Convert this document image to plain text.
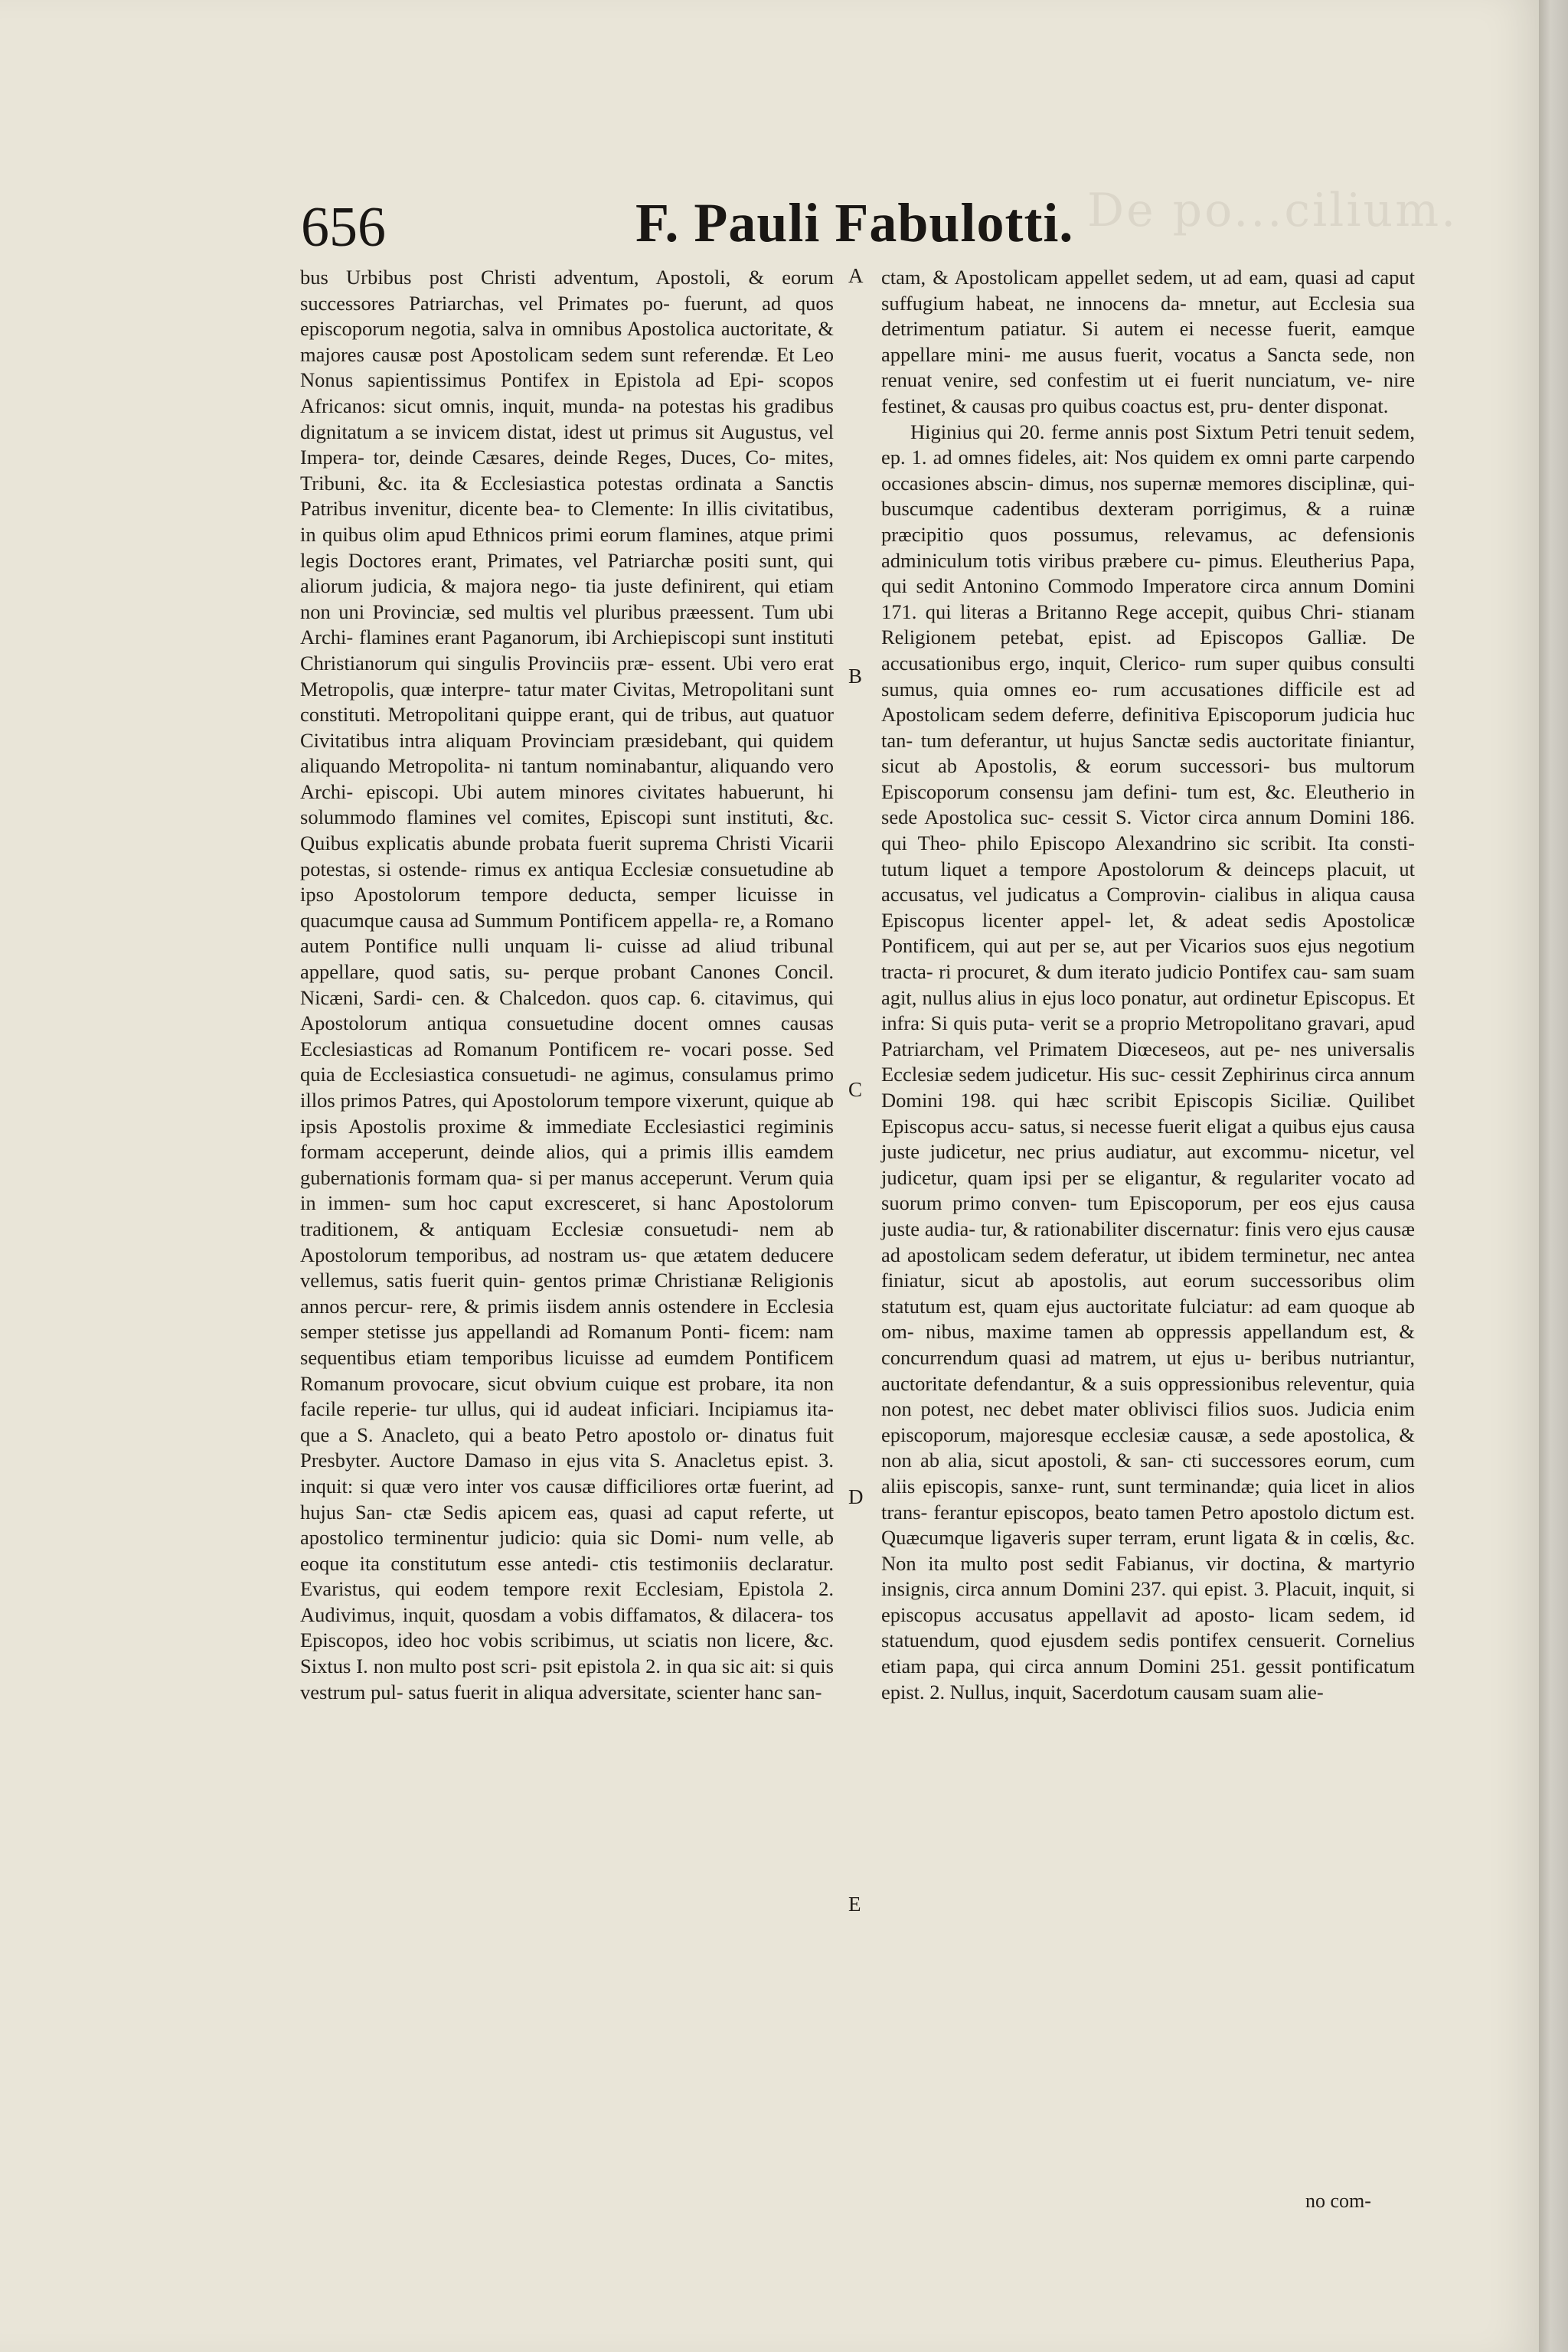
De po...cilium.
656	F. Pauli Fabulotti.

bus Urbibus post Christi adventum, Apostoli, & eorum successores Patriarchas, vel Primates po- fuerunt, ad quos episcoporum negotia, salva in omnibus Apostolica auctoritate, & majores causæ post Apostolicam sedem sunt referendæ. Et Leo Nonus sapientissimus Pontifex in Epistola ad Epi- scopos Africanos: sicut omnis, inquit, munda- na potestas his gradibus dignitatum a se invicem distat, idest ut primus sit Augustus, vel Impera- tor, deinde Cæsares, deinde Reges, Duces, Co- mites, Tribuni, &c. ita & Ecclesiastica potestas ordinata a Sanctis Patribus invenitur, dicente bea- to Clemente: In illis civitatibus, in quibus olim apud Ethnicos primi eorum flamines, atque primi legis Doctores erant, Primates, vel Patriarchæ positi sunt, qui aliorum judicia, & majora nego- tia juste definirent, qui etiam non uni Provinciæ, sed multis vel pluribus præessent. Tum ubi Archi- flamines erant Paganorum, ibi Archiepiscopi sunt instituti Christianorum qui singulis Provinciis præ- essent. Ubi vero erat Metropolis, quæ interpre- tatur mater Civitas, Metropolitani sunt constituti. Metropolitani quippe erant, qui de tribus, aut quatuor Civitatibus intra aliquam Provinciam præsidebant, qui quidem aliquando Metropolita- ni tantum nominabantur, aliquando vero Archi- episcopi. Ubi autem minores civitates habuerunt, hi solummodo flamines vel comites, Episcopi sunt instituti, &c. Quibus explicatis abunde probata fuerit suprema Christi Vicarii potestas, si ostende- rimus ex antiqua Ecclesiæ consuetudine ab ipso Apostolorum tempore deducta, semper licuisse in quacumque causa ad Summum Pontificem appella- re, a Romano autem Pontifice nulli unquam li- cuisse ad aliud tribunal appellare, quod satis, su- perque probant Canones Concil. Nicæni, Sardi- cen. & Chalcedon. quos cap. 6. citavimus, qui Apostolorum antiqua consuetudine docent omnes causas Ecclesiasticas ad Romanum Pontificem re- vocari posse. Sed quia de Ecclesiastica consuetudi- ne agimus, consulamus primo illos primos Patres, qui Apostolorum tempore vixerunt, quique ab ipsis Apostolis proxime & immediate Ecclesiastici regiminis formam acceperunt, deinde alios, qui a primis illis eamdem gubernationis formam qua- si per manus acceperunt. Verum quia in immen- sum hoc caput excresceret, si hanc Apostolorum traditionem, & antiquam Ecclesiæ consuetudi- nem ab Apostolorum temporibus, ad nostram us- que ætatem deducere vellemus, satis fuerit quin- gentos primæ Christianæ Religionis annos percur- rere, & primis iisdem annis ostendere in Ecclesia semper stetisse jus appellandi ad Romanum Ponti- ficem: nam sequentibus etiam temporibus licuisse ad eumdem Pontificem Romanum provocare, sicut obvium cuique est probare, ita non facile reperie- tur ullus, qui id audeat inficiari. Incipiamus ita- que a S. Anacleto, qui a beato Petro apostolo or- dinatus fuit Presbyter. Auctore Damaso in ejus vita S. Anacletus epist. 3. inquit: si quæ vero inter vos causæ difficiliores ortæ fuerint, ad hujus San- ctæ Sedis apicem eas, quasi ad caput referte, ut apostolico terminentur judicio: quia sic Domi- num velle, ab eoque ita constitutum esse antedi- ctis testimoniis declaratur. Evaristus, qui eodem tempore rexit Ecclesiam, Epistola 2. Audivimus, inquit, quosdam a vobis diffamatos, & dilacera- tos Episcopos, ideo hoc vobis scribimus, ut sciatis non licere, &c. Sixtus I. non multo post scri- psit epistola 2. in qua sic ait: si quis vestrum pul- satus fuerit in aliqua adversitate, scienter hanc san-

A
B
C
D
E

ctam, & Apostolicam appellet sedem, ut ad eam, quasi ad caput suffugium habeat, ne innocens da- mnetur, aut Ecclesia sua detrimentum patiatur. Si autem ei necesse fuerit, eamque appellare mini- me ausus fuerit, vocatus a Sancta sede, non renuat venire, sed confestim ut ei fuerit nunciatum, ve- nire festinet, & causas pro quibus coactus est, pru- denter disponat.

Higinius qui 20. ferme annis post Sixtum Petri tenuit sedem, ep. 1. ad omnes fideles, ait: Nos quidem ex omni parte carpendo occasiones abscin- dimus, nos supernæ memores disciplinæ, qui- buscumque cadentibus dexteram porrigimus, & a ruinæ præcipitio quos possumus, relevamus, ac defensionis adminiculum totis viribus præbere cu- pimus. Eleutherius Papa, qui sedit Antonino Commodo Imperatore circa annum Domini 171. qui literas a Britanno Rege accepit, quibus Chri- stianam Religionem petebat, epist. ad Episcopos Galliæ. De accusationibus ergo, inquit, Clerico- rum super quibus consulti sumus, quia omnes eo- rum accusationes difficile est ad Apostolicam sedem deferre, definitiva Episcoporum judicia huc tan- tum deferantur, ut hujus Sanctæ sedis auctoritate finiantur, sicut ab Apostolis, & eorum successori- bus multorum Episcoporum consensu jam defini- tum est, &c. Eleutherio in sede Apostolica suc- cessit S. Victor circa annum Domini 186. qui Theo- philo Episcopo Alexandrino sic scribit. Ita consti- tutum liquet a tempore Apostolorum & deinceps placuit, ut accusatus, vel judicatus a Comprovin- cialibus in aliqua causa Episcopus licenter appel- let, & adeat sedis Apostolicæ Pontificem, qui aut per se, aut per Vicarios suos ejus negotium tracta- ri procuret, & dum iterato judicio Pontifex cau- sam suam agit, nullus alius in ejus loco ponatur, aut ordinetur Episcopus. Et infra: Si quis puta- verit se a proprio Metropolitano gravari, apud Patriarcham, vel Primatem Diœceseos, aut pe- nes universalis Ecclesiæ sedem judicetur. His suc- cessit Zephirinus circa annum Domini 198. qui hæc scribit Episcopis Siciliæ. Quilibet Episcopus accu- satus, si necesse fuerit eligat a quibus ejus causa juste judicetur, nec prius audiatur, aut excommu- nicetur, vel judicetur, quam ipsi per se eligantur, & regulariter vocato ad suorum primo conven- tum Episcoporum, per eos ejus causa juste audia- tur, & rationabiliter discernatur: finis vero ejus causæ ad apostolicam sedem deferatur, ut ibidem terminetur, nec antea finiatur, sicut ab apostolis, aut eorum successoribus olim statutum est, quam ejus auctoritate fulciatur: ad eam quoque ab om- nibus, maxime tamen ab oppressis appellandum est, & concurrendum quasi ad matrem, ut ejus u- beribus nutriantur, auctoritate defendantur, & a suis oppressionibus releventur, quia non potest, nec debet mater oblivisci filios suos. Judicia enim episcoporum, majoresque ecclesiæ causæ, a sede apostolica, & non ab alia, sicut apostoli, & san- cti successores eorum, cum aliis episcopis, sanxe- runt, sunt terminandæ; quia licet in alios trans- ferantur episcopos, beato tamen Petro apostolo dictum est. Quæcumque ligaveris super terram, erunt ligata & in cœlis, &c. Non ita multo post sedit Fabianus, vir doctina, & martyrio insignis, circa annum Domini 237. qui epist. 3. Placuit, inquit, si episcopus accusatus appellavit ad aposto- licam sedem, id statuendum, quod ejusdem sedis pontifex censuerit. Cornelius etiam papa, qui circa annum Domini 251. gessit pontificatum epist. 2. Nullus, inquit, Sacerdotum causam suam alie-

no com-
